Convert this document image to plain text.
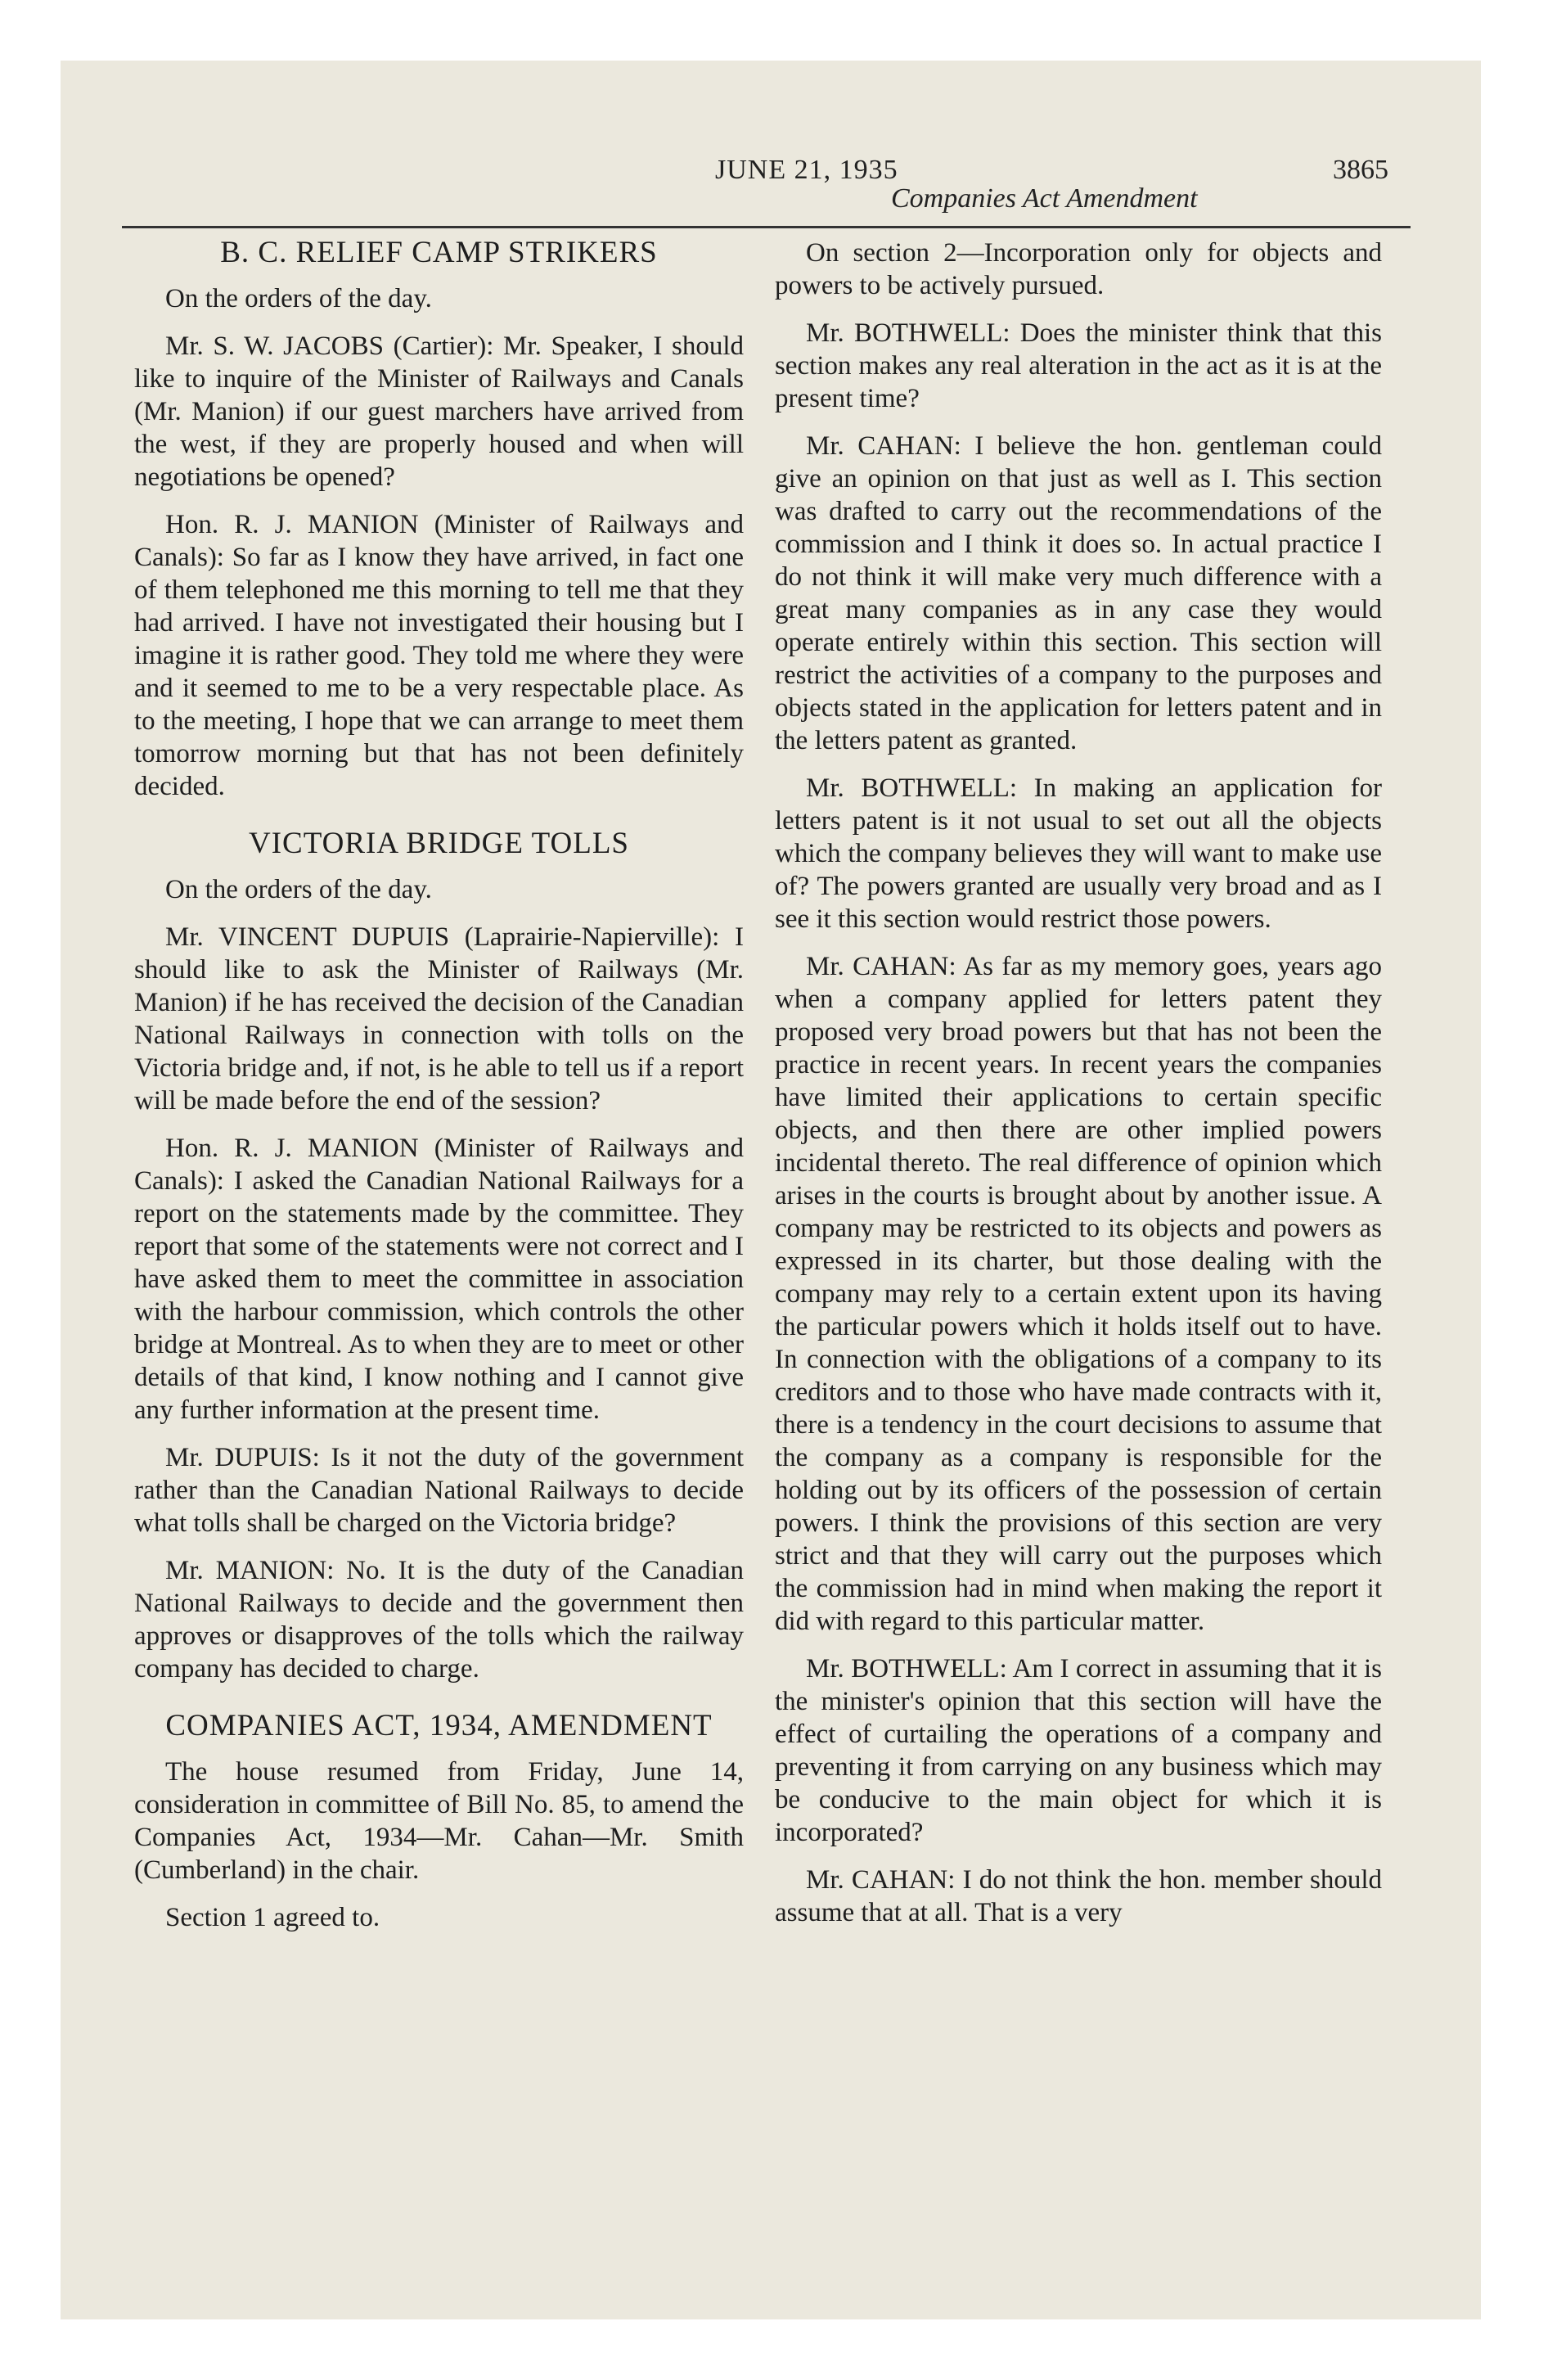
JUNE 21, 1935	3865
Companies Act Amendment
B. C. RELIEF CAMP STRIKERS

On the orders of the day.

Mr. S. W. JACOBS (Cartier): Mr. Speaker, I should like to inquire of the Minister of Railways and Canals (Mr. Manion) if our guest marchers have arrived from the west, if they are properly housed and when will negotiations be opened?

Hon. R. J. MANION (Minister of Railways and Canals): So far as I know they have arrived, in fact one of them telephoned me this morning to tell me that they had arrived. I have not investigated their housing but I imagine it is rather good. They told me where they were and it seemed to me to be a very respectable place. As to the meeting, I hope that we can arrange to meet them tomorrow morning but that has not been definitely decided.

VICTORIA BRIDGE TOLLS

On the orders of the day.

Mr. VINCENT DUPUIS (Laprairie-Napierville): I should like to ask the Minister of Railways (Mr. Manion) if he has received the decision of the Canadian National Railways in connection with tolls on the Victoria bridge and, if not, is he able to tell us if a report will be made before the end of the session?

Hon. R. J. MANION (Minister of Railways and Canals): I asked the Canadian National Railways for a report on the statements made by the committee. They report that some of the statements were not correct and I have asked them to meet the committee in association with the harbour commission, which controls the other bridge at Montreal. As to when they are to meet or other details of that kind, I know nothing and I cannot give any further information at the present time.

Mr. DUPUIS: Is it not the duty of the government rather than the Canadian National Railways to decide what tolls shall be charged on the Victoria bridge?

Mr. MANION: No. It is the duty of the Canadian National Railways to decide and the government then approves or disapproves of the tolls which the railway company has decided to charge.

COMPANIES ACT, 1934, AMENDMENT

The house resumed from Friday, June 14, consideration in committee of Bill No. 85, to amend the Companies Act, 1934—Mr. Cahan—Mr. Smith (Cumberland) in the chair.

Section 1 agreed to.

On section 2—Incorporation only for objects and powers to be actively pursued.

Mr. BOTHWELL: Does the minister think that this section makes any real alteration in the act as it is at the present time?

Mr. CAHAN: I believe the hon. gentleman could give an opinion on that just as well as I. This section was drafted to carry out the recommendations of the commission and I think it does so. In actual practice I do not think it will make very much difference with a great many companies as in any case they would operate entirely within this section. This section will restrict the activities of a company to the purposes and objects stated in the application for letters patent and in the letters patent as granted.

Mr. BOTHWELL: In making an application for letters patent is it not usual to set out all the objects which the company believes they will want to make use of? The powers granted are usually very broad and as I see it this section would restrict those powers.

Mr. CAHAN: As far as my memory goes, years ago when a company applied for letters patent they proposed very broad powers but that has not been the practice in recent years. In recent years the companies have limited their applications to certain specific objects, and then there are other implied powers incidental thereto. The real difference of opinion which arises in the courts is brought about by another issue. A company may be restricted to its objects and powers as expressed in its charter, but those dealing with the company may rely to a certain extent upon its having the particular powers which it holds itself out to have. In connection with the obligations of a company to its creditors and to those who have made contracts with it, there is a tendency in the court decisions to assume that the company as a company is responsible for the holding out by its officers of the possession of certain powers. I think the provisions of this section are very strict and that they will carry out the purposes which the commission had in mind when making the report it did with regard to this particular matter.

Mr. BOTHWELL: Am I correct in assuming that it is the minister's opinion that this section will have the effect of curtailing the operations of a company and preventing it from carrying on any business which may be conducive to the main object for which it is incorporated?

Mr. CAHAN: I do not think the hon. member should assume that at all. That is a very
